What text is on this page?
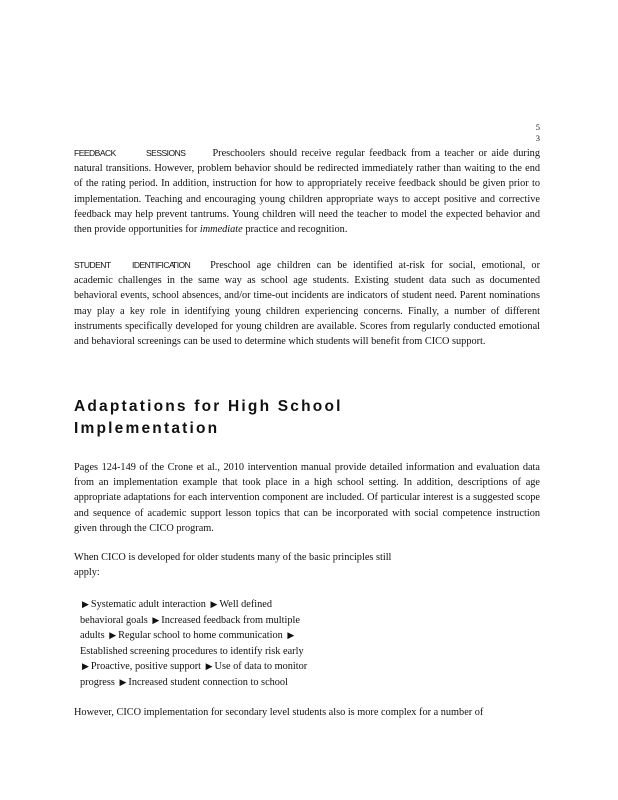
5
3

FEEDBACK	SESSIONS	Preschoolers should receive regular feedback from a teacher or aide during natural transitions. However, problem behavior should be redirected immediately rather than waiting to the end of the rating period. In addition, instruction for how to appropriately receive feedback should be given prior to implementation. Teaching and encouraging young children appropriate ways to accept positive and corrective feedback may help prevent tantrums. Young children will need the teacher to model the expected behavior and then provide opportunities for immediate practice and recognition.

STUDENT	IDENTIFICATION Preschool age children can be identified at-risk for social, emotional, or academic challenges in the same way as school age students. Existing student data such as documented behavioral events, school absences, and/or time-out incidents are indicators of student need. Parent nominations may play a key role in identifying young children experiencing concerns. Finally, a number of different instruments specifically developed for young children are available. Scores from regularly conducted emotional and behavioral screenings can be used to determine which students will benefit from CICO support.

Adaptations for High School
Implementation

Pages 124-149 of the Crone et al., 2010 intervention manual provide detailed information and evaluation data from an implementation example that took place in a high school setting. In addition, descriptions of age appropriate adaptations for each intervention component are included. Of particular interest is a suggested scope and sequence of academic support lesson topics that can be incorporated with social competence instruction given through the CICO program.

When CICO is developed for older students many of the basic principles still
apply:
▶ Systematic adult interaction ▶ Well defined
behavioral goals ▶ Increased feedback from multiple
adults ▶ Regular school to home communication ▶
Established screening procedures to identify risk early
▶ Proactive, positive support ▶ Use of data to monitor
progress ▶ Increased student connection to school
However, CICO implementation for secondary level students also is more complex for a number of
